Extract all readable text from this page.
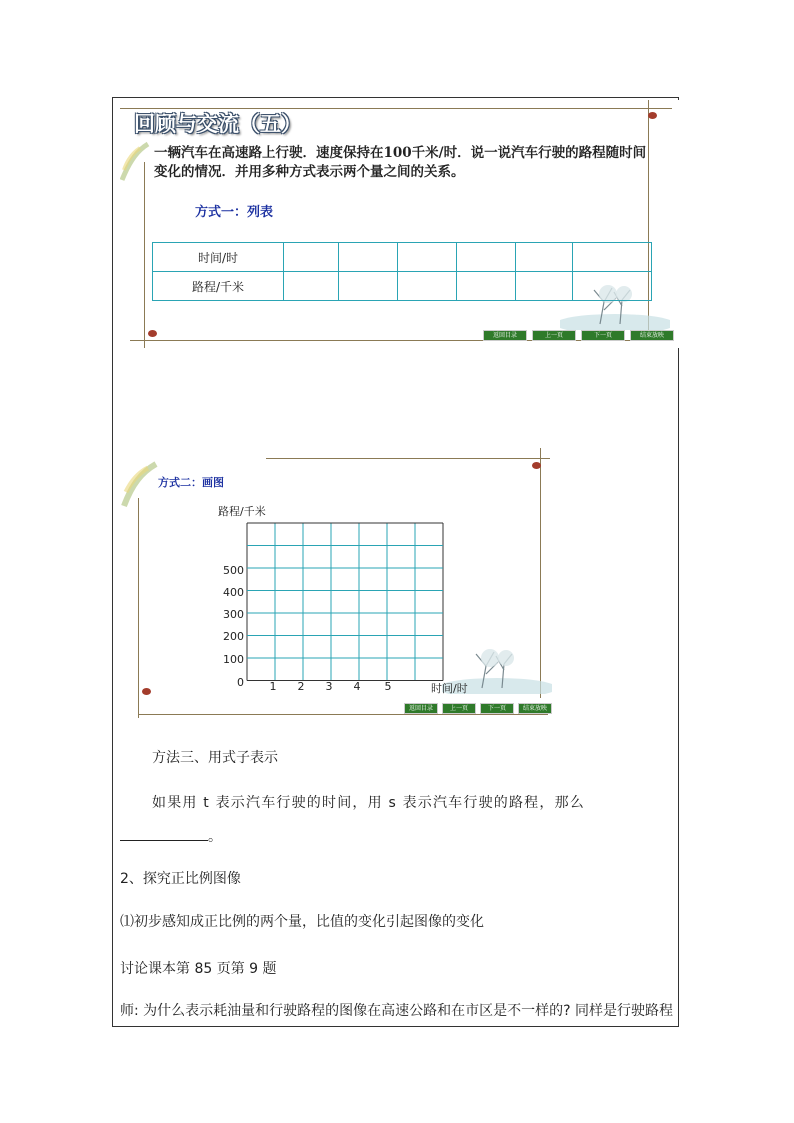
回顾与交流（五）
一辆汽车在高速路上行驶．速度保持在100千米/时．说一说汽车行驶的路程随时间变化的情况．并用多种方式表示两个量之间的关系。
方式一：列表
时间/时						
路程/千米						
返回目录	上一页	下一页	结束放映
方式二：画图
路程/千米
500
400
300
200
100
0	1	2	3	4	5	时间/时
返回目录	上一页	下一页	结束放映
方法三、用式子表示
如果用 t 表示汽车行驶的时间，用 s 表示汽车行驶的路程，那么
。
2、探究正比例图像
⑴初步感知成正比例的两个量，比值的变化引起图像的变化
讨论课本第 85 页第 9 题
师: 为什么表示耗油量和行驶路程的图像在高速公路和在市区是不一样的? 同样是行驶路程
